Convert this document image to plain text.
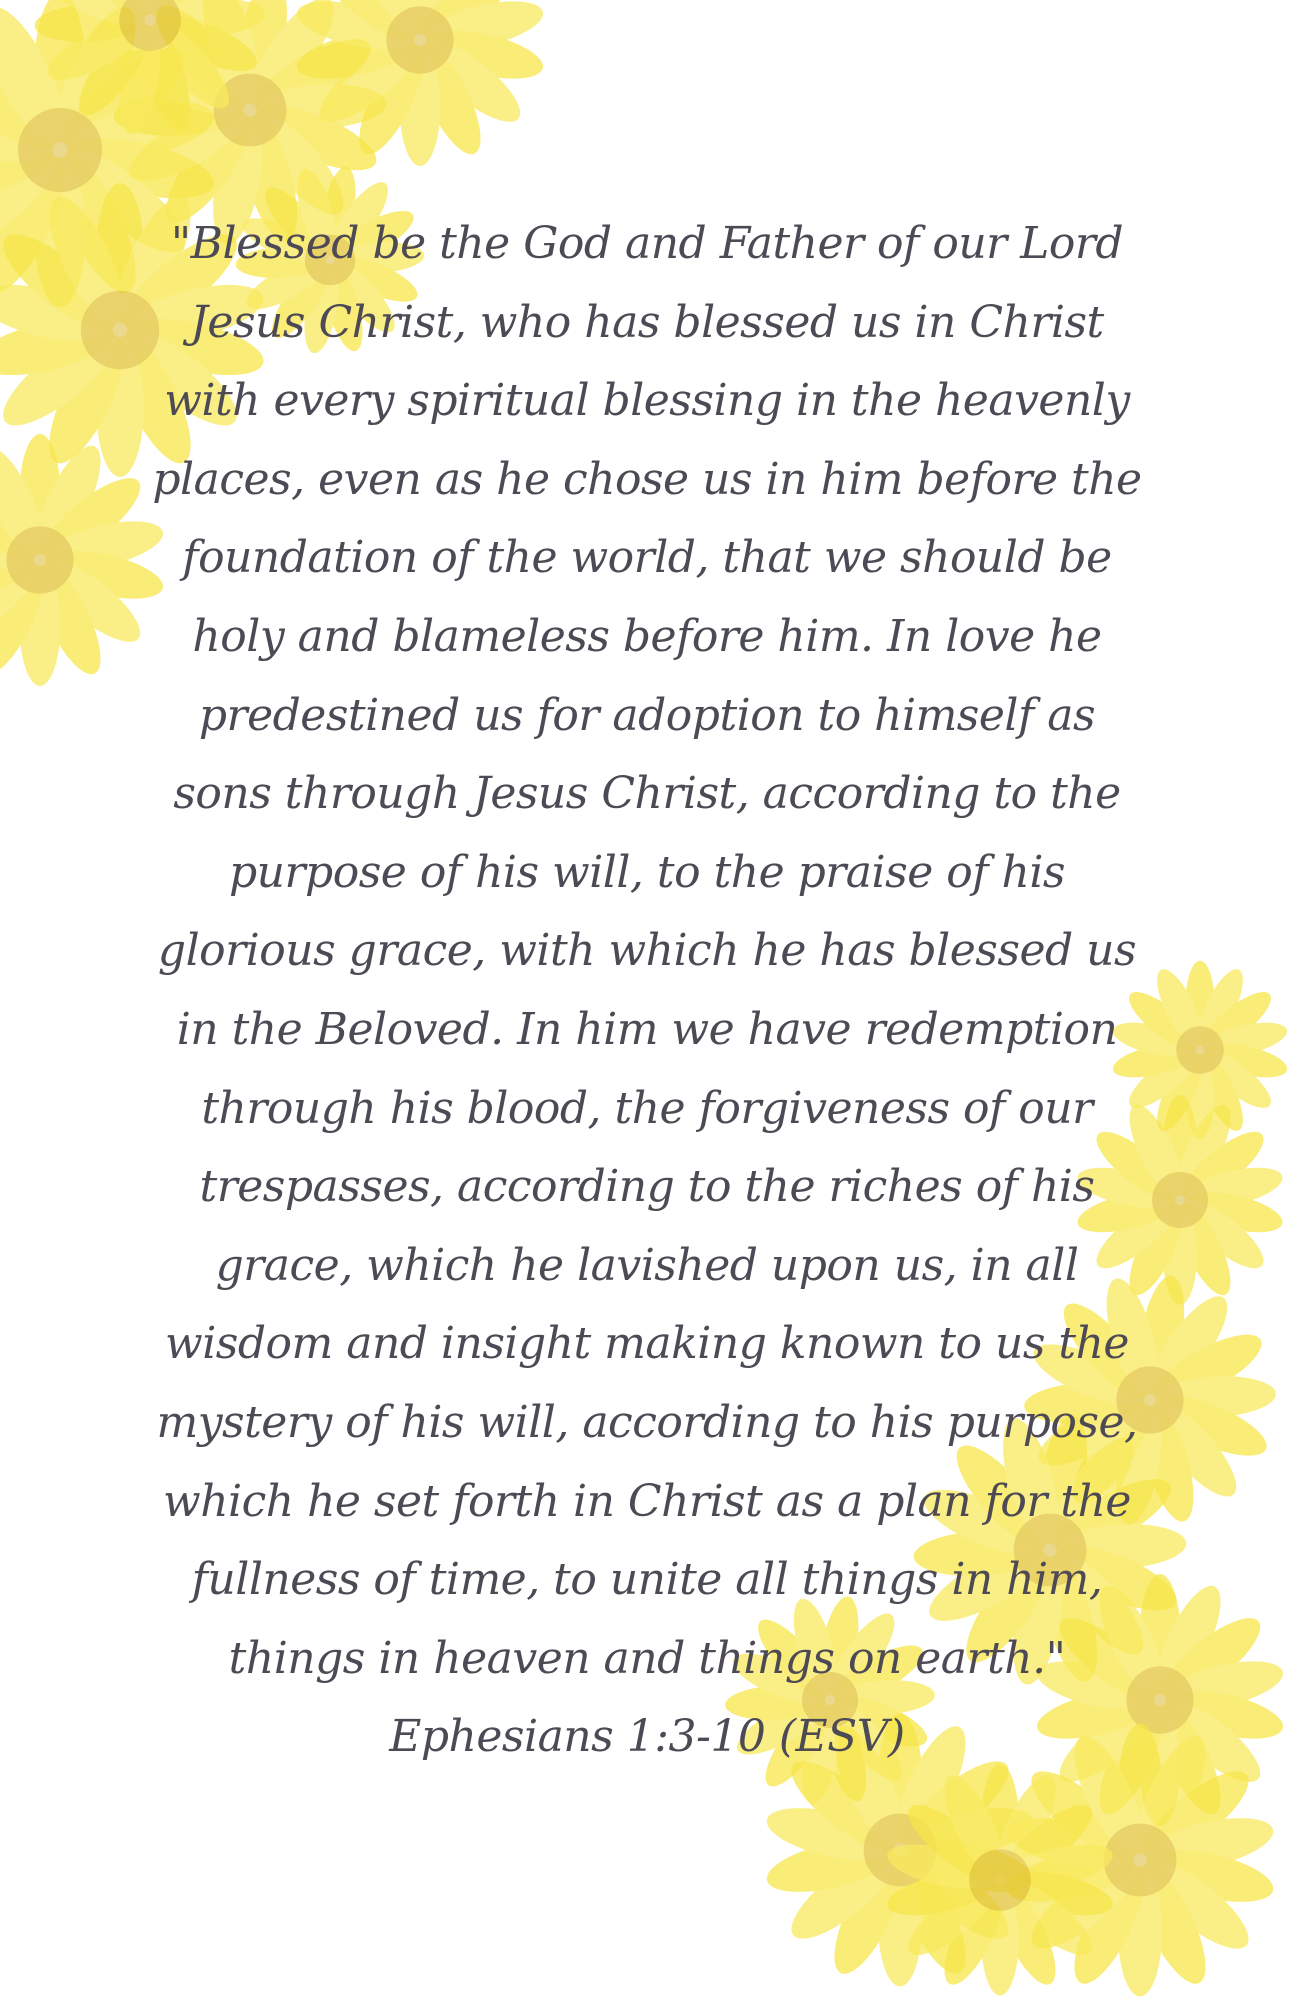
"Blessed be the God and Father of our Lord
Jesus Christ, who has blessed us in Christ
with every spiritual blessing in the heavenly
places, even as he chose us in him before the
foundation of the world, that we should be
holy and blameless before him. In love he
predestined us for adoption to himself as
sons through Jesus Christ, according to the
purpose of his will, to the praise of his
glorious grace, with which he has blessed us
in the Beloved. In him we have redemption
through his blood, the forgiveness of our
trespasses, according to the riches of his
grace, which he lavished upon us, in all
wisdom and insight making known to us the
mystery of his will, according to his purpose,
which he set forth in Christ as a plan for the
fullness of time, to unite all things in him,
things in heaven and things on earth."
Ephesians 1:3-10 (ESV)
